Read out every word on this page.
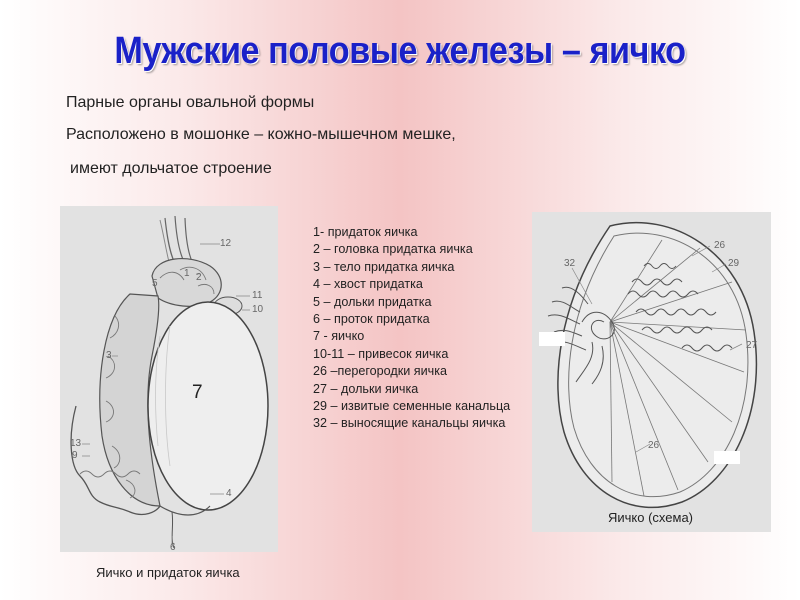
Мужские половые железы – яичко
Парные органы овальной формы
Расположено в мошонке – кожно-мышечном мешке,
имеют дольчатое строение
12
1 2
5
11
10
3
13
9
4
6
7
Яичко и придаток яичка
1- придаток яичка
2 – головка придатка яичка
3 – тело придатка яичка
4 – хвост придатка
5 – дольки придатка
6 – проток придатка
7 - яичко
10-11 – привесок яичка
26 –перегородки яичка
27 – дольки яичка
29 – извитые семенные канальца
32 – выносящие канальцы яичка
32
26
29
27
26
Яичко (схема)
